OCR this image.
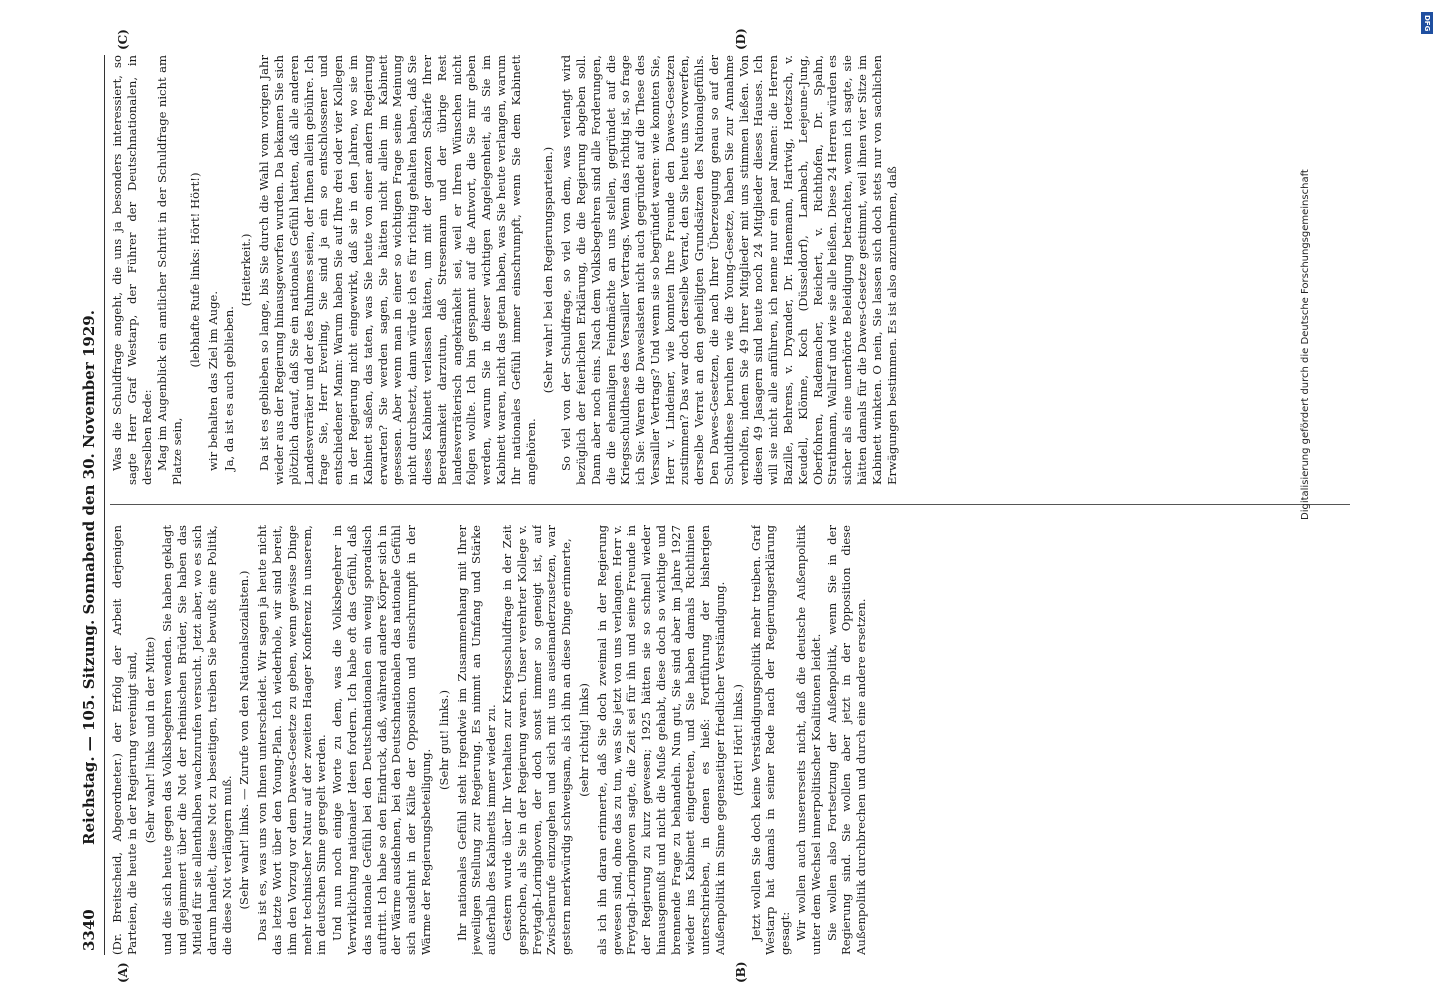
3340
Reichstag. — 105. Sitzung. Sonnabend den 30. November 1929.
(A)	(B)
(C)	(D)

(Dr. Breitscheid, Abgeordneter.) der Erfolg der Arbeit derjenigen Parteien, die heute in der Regierung vereinigt sind, (Sehr wahr! links und in der Mitte) und die sich heute gegen das Volksbegehren wenden. Sie haben geklagt und gejammert über die Not der rheinischen Brüder, Sie haben das Mitleid für sie allenthalben wachzurufen versucht. Jetzt aber, wo es sich darum handelt, diese Not zu beseitigen, treiben Sie bewußt eine Politik, die diese Not verlängern muß. (Sehr wahr! links. — Zurufe von den Nationalsozialisten.) Das ist es, was uns von Ihnen unterscheidet. Wir sagen ja heute nicht das letzte Wort über den Young-Plan. Ich wiederhole, wir sind bereit, ihm den Vorzug vor dem Dawes-Gesetze zu geben, wenn gewisse Dinge mehr technischer Natur auf der zweiten Haager Konferenz in unserem, im deutschen Sinne geregelt werden. Und nun noch einige Worte zu dem, was die Volksbegehrer in Verwirklichung nationaler Ideen fordern. Ich habe oft das Gefühl, daß das nationale Gefühl bei den Deutschnationalen ein wenig sporadisch auftritt. Ich habe so den Eindruck, daß, während andere Körper sich in der Wärme ausdehnen, bei den Deutschnationalen das nationale Gefühl sich ausdehnt in der Kälte der Opposition und einschrumpft in der Wärme der Regierungsbeteiligung.

(Sehr gut! links.) Ihr nationales Gefühl steht irgendwie im Zusammenhang mit Ihrer jeweiligen Stellung zur Regierung. Es nimmt an Umfang und Stärke außerhalb des Kabinetts immer wieder zu. Gestern wurde über Ihr Verhalten zur Kriegsschuldfrage in der Zeit gesprochen, als Sie in der Regierung waren. Unser verehrter Kollege v. Freytagh-Loringhoven, der doch sonst immer so geneigt ist, auf Zwischenrufe einzugehen und sich mit uns auseinanderzusetzen, war gestern merkwürdig schweigsam, als ich ihn an diese Dinge erinnerte, (sehr richtig! links) als ich ihn daran erinnerte, daß Sie doch zweimal in der Regierung gewesen sind, ohne das zu tun, was Sie jetzt von uns verlangen. Herr v. Freytagh-Loringhoven sagte, die Zeit sei für ihn und seine Freunde in der Regierung zu kurz gewesen; 1925 hätten sie so schnell wieder hinausgemußt und nicht die Muße gehabt, diese doch so wichtige und brennende Frage zu behandeln. Nun gut, Sie sind aber im Jahre 1927 wieder ins Kabinett eingetreten, und Sie haben damals Richtlinien unterschrieben, in denen es hieß: Fortführung der bisherigen Außenpolitik im Sinne gegenseitiger friedlicher Verständigung. (Hört! Hört! links.) Jetzt wollen Sie doch keine Verständigungspolitik mehr treiben. Graf Westarp hat damals in seiner Rede nach der Regierungserklärung gesagt: Wir wollen auch unsererseits nicht, daß die deutsche Außenpolitik unter dem Wechsel innerpolitischer Koalitionen leidet. Sie wollen also Fortsetzung der Außenpolitik, wenn Sie in der Regierung sind. Sie wollen aber jetzt in der Opposition diese Außenpolitik durchbrechen und durch eine andere ersetzen.

Was die Schuldfrage angeht, die uns ja besonders interessiert, so sagte Herr Graf Westarp, der Führer der Deutschnationalen, in derselben Rede: Mag im Augenblick ein amtlicher Schritt in der Schuldfrage nicht am Platze sein,

(lebhafte Rufe links: Hört! Hört!)

wir behalten das Ziel im Auge. Ja, da ist es auch geblieben.

(Heiterkeit.) Da ist es geblieben so lange, bis Sie durch die Wahl vom vorigen Jahr wieder aus der Regierung hinausgeworfen wurden. Da bekamen Sie sich plötzlich darauf, daß Sie ein nationales Gefühl hatten, daß alle anderen Landesverräter und der des Ruhmes seien, der Ihnen allein gebühre. Ich frage Sie, Herr Everling, Sie sind ja ein so entschlossener und entschiedener Mann: Warum haben Sie auf Ihre drei oder vier Kollegen in der Regierung nicht eingewirkt, daß sie in den Jahren, wo sie im Kabinett saßen, das taten, was Sie heute von einer andern Regierung erwarten? Sie werden sagen, Sie hätten nicht allein im Kabinett gesessen. Aber wenn man in einer so wichtigen Frage seine Meinung nicht durchsetzt, dann würde ich es für richtig gehalten haben, daß Sie dieses Kabinett verlassen hätten, um mit der ganzen Schärfe Ihrer Beredsamkeit darzutun, daß Stresemann und der übrige Rest landesverräterisch angekränkelt sei, weil er Ihren Wünschen nicht folgen wollte. Ich bin gespannt auf die Antwort, die Sie mir geben werden, warum Sie in dieser wichtigen Angelegenheit, als Sie im Kabinett waren, nicht das getan haben, was Sie heute verlangen, warum Ihr nationales Gefühl immer einschrumpft, wenn Sie dem Kabinett angehören.

(Sehr wahr! bei den Regierungsparteien.) So viel von der Schuldfrage, so viel von dem, was verlangt wird bezüglich der feierlichen Erklärung, die die Regierung abgeben soll. Dann aber noch eins. Nach dem Volksbegehren sind alle Forderungen, die die ehemaligen Feindmächte an uns stellen, gegründet auf die Kriegsschuldthese des Versailler Vertrags. Wenn das richtig ist, so frage ich Sie: Waren die Daweslasten nicht auch gegründet auf die These des Versailler Vertrags? Und wenn sie so begründet waren: wie konnten Sie, Herr v. Lindeiner, wie konnten Ihre Freunde den Dawes-Gesetzen zustimmen? Das war doch derselbe Verrat, den Sie heute uns vorwerfen, derselbe Verrat an den geheiligten Grundsätzen des Nationalgefühls. Den Dawes-Gesetzen, die nach Ihrer Überzeugung genau so auf der Schuldthese beruhen wie die Young-Gesetze, haben Sie zur Annahme verholfen, indem Sie 49 Ihrer Mitglieder mit uns stimmen ließen. Von diesen 49 Jasagern sind heute noch 24 Mitglieder dieses Hauses. Ich will sie nicht alle anführen, ich nenne nur ein paar Namen: die Herren Bazille, Behrens, v. Dryander, Dr. Hanemann, Hartwig, Hoetzsch, v. Keudell, Klönne, Koch (Düsseldorf), Lambach, Leejeune-Jung, Oberfohren, Rademacher, Reichert, v. Richthofen, Dr. Spahn, Strathmann, Wallraf und wie sie alle heißen. Diese 24 Herren würden es sicher als eine unerhörte Beleidigung betrachten, wenn ich sagte, sie hätten damals für die Dawes-Gesetze gestimmt, weil ihnen vier Sitze im Kabinett winkten. O nein, Sie lassen sich doch stets nur von sachlichen Erwägungen bestimmen. Es ist also anzunehmen, daß	Digitalisierung gefördert durch die Deutsche Forschungsgemeinschaft
DFG
